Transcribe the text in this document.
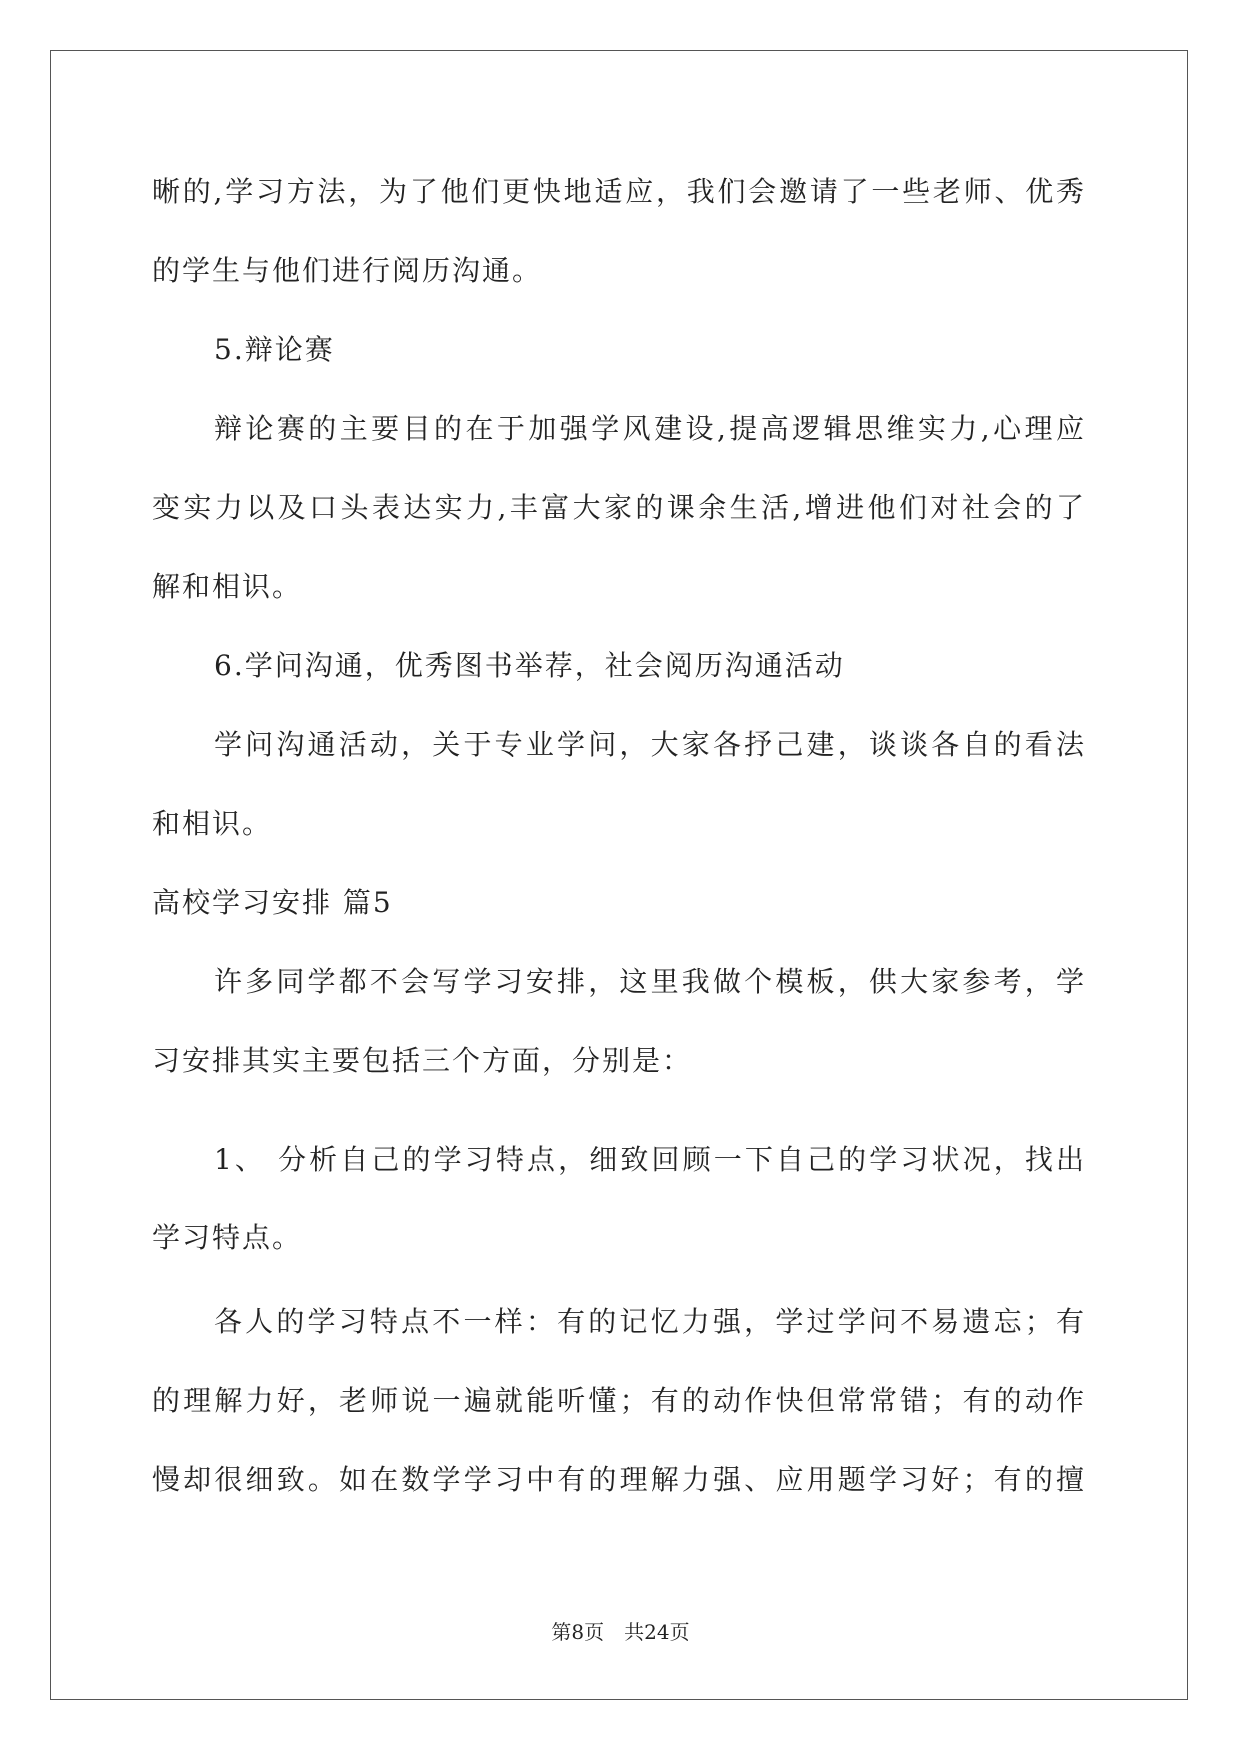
晰的,学习方法，为了他们更快地适应，我们会邀请了一些老师、优秀
的学生与他们进行阅历沟通。
5.辩论赛
辩论赛的主要目的在于加强学风建设,提高逻辑思维实力,心理应
变实力以及口头表达实力,丰富大家的课余生活,增进他们对社会的了
解和相识。
6.学问沟通，优秀图书举荐，社会阅历沟通活动
学问沟通活动，关于专业学问，大家各抒己建，谈谈各自的看法
和相识。
高校学习安排 篇5
许多同学都不会写学习安排，这里我做个模板，供大家参考，学
习安排其实主要包括三个方面，分别是：
1、 分析自己的学习特点，细致回顾一下自己的学习状况，找出
学习特点。
各人的学习特点不一样：有的记忆力强，学过学问不易遗忘；有
的理解力好，老师说一遍就能听懂；有的动作快但常常错；有的动作
慢却很细致。如在数学学习中有的理解力强、应用题学习好；有的擅
第8页　共24页
